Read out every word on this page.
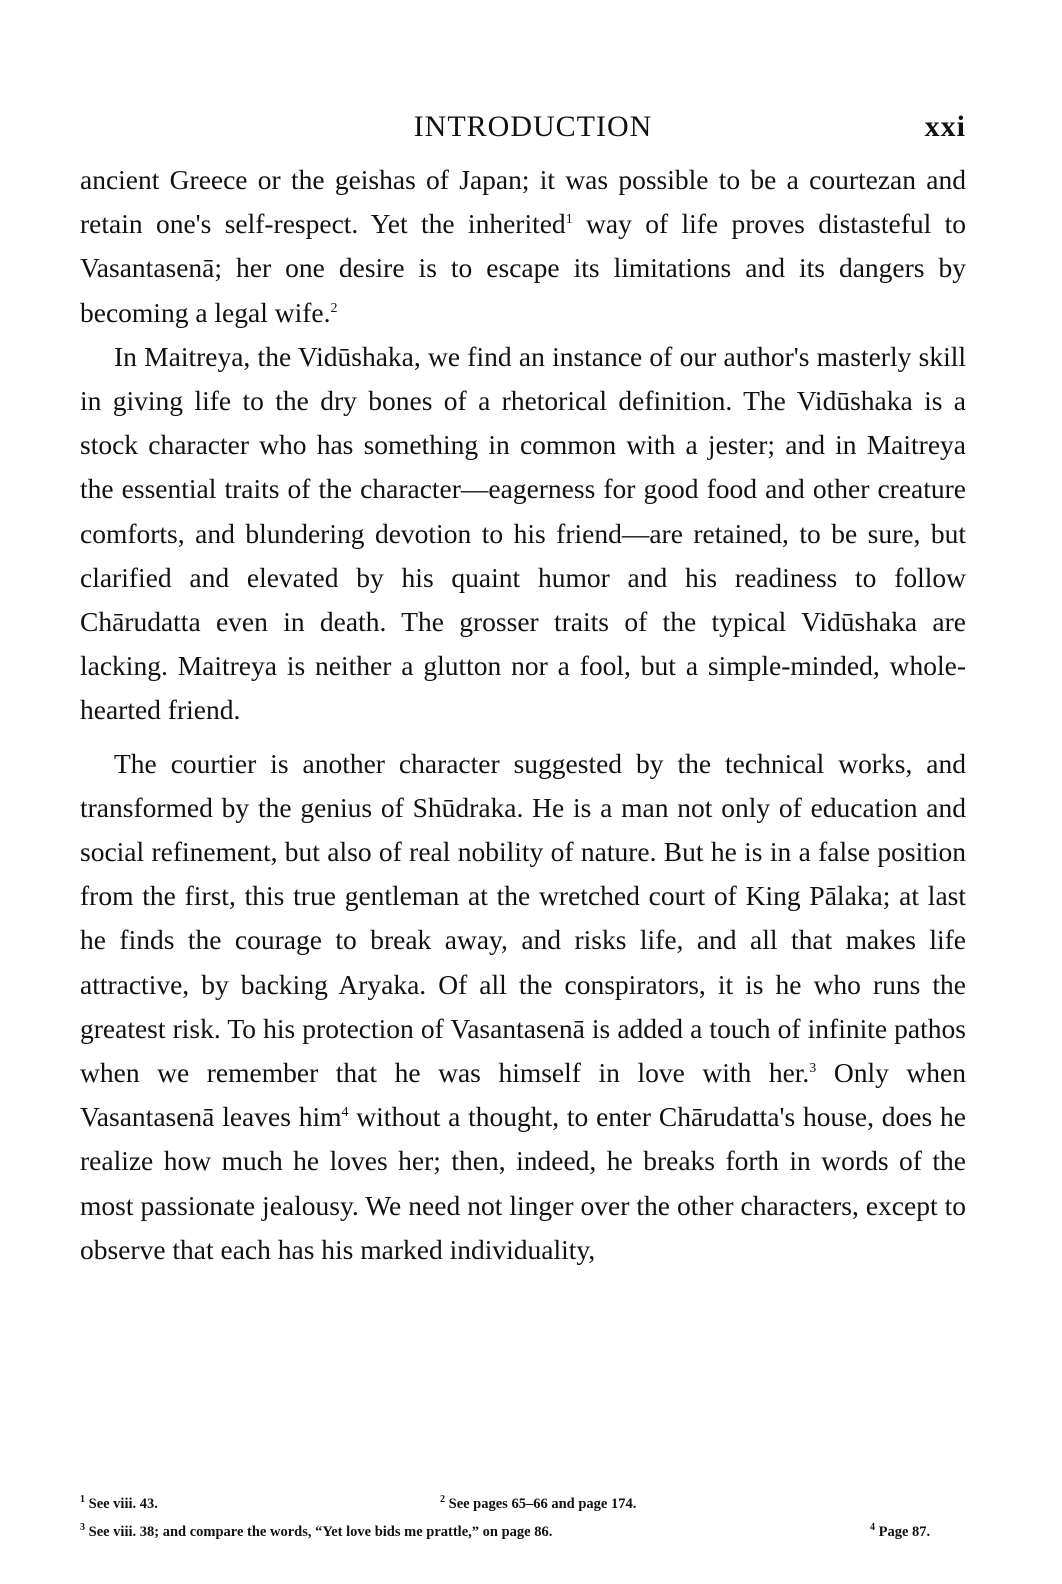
INTRODUCTION	xxi

ancient Greece or the geishas of Japan; it was possible to be a courtezan and retain one's self-respect. Yet the inherited$^1$ way of life proves distasteful to Vasantasenā; her one desire is to escape its limitations and its dangers by becoming a legal wife.$^2$

In Maitreya, the Vidūshaka, we find an instance of our author's masterly skill in giving life to the dry bones of a rhetorical definition. The Vidūshaka is a stock character who has something in common with a jester; and in Maitreya the essential traits of the character—eagerness for good food and other creature comforts, and blundering devotion to his friend—are retained, to be sure, but clarified and elevated by his quaint humor and his readiness to follow Chārudatta even in death. The grosser traits of the typical Vidūshaka are lacking. Maitreya is neither a glutton nor a fool, but a simple-minded, whole-hearted friend.

The courtier is another character suggested by the technical works, and transformed by the genius of Shūdraka. He is a man not only of education and social refinement, but also of real nobility of nature. But he is in a false position from the first, this true gentleman at the wretched court of King Pālaka; at last he finds the courage to break away, and risks life, and all that makes life attractive, by backing Aryaka. Of all the conspirators, it is he who runs the greatest risk. To his protection of Vasantasenā is added a touch of infinite pathos when we remember that he was himself in love with her.$^3$ Only when Vasantasenā leaves him$^4$ without a thought, to enter Chārudatta's house, does he realize how much he loves her; then, indeed, he breaks forth in words of the most passionate jealousy. We need not linger over the other characters, except to observe that each has his marked individuality,

$^1$ See viii. 43.	$^2$ See pages 65–66 and page 174.
$^3$ See viii. 38; and compare the words, “Yet love bids me prattle,” on page 86.	$^4$ Page 87.
